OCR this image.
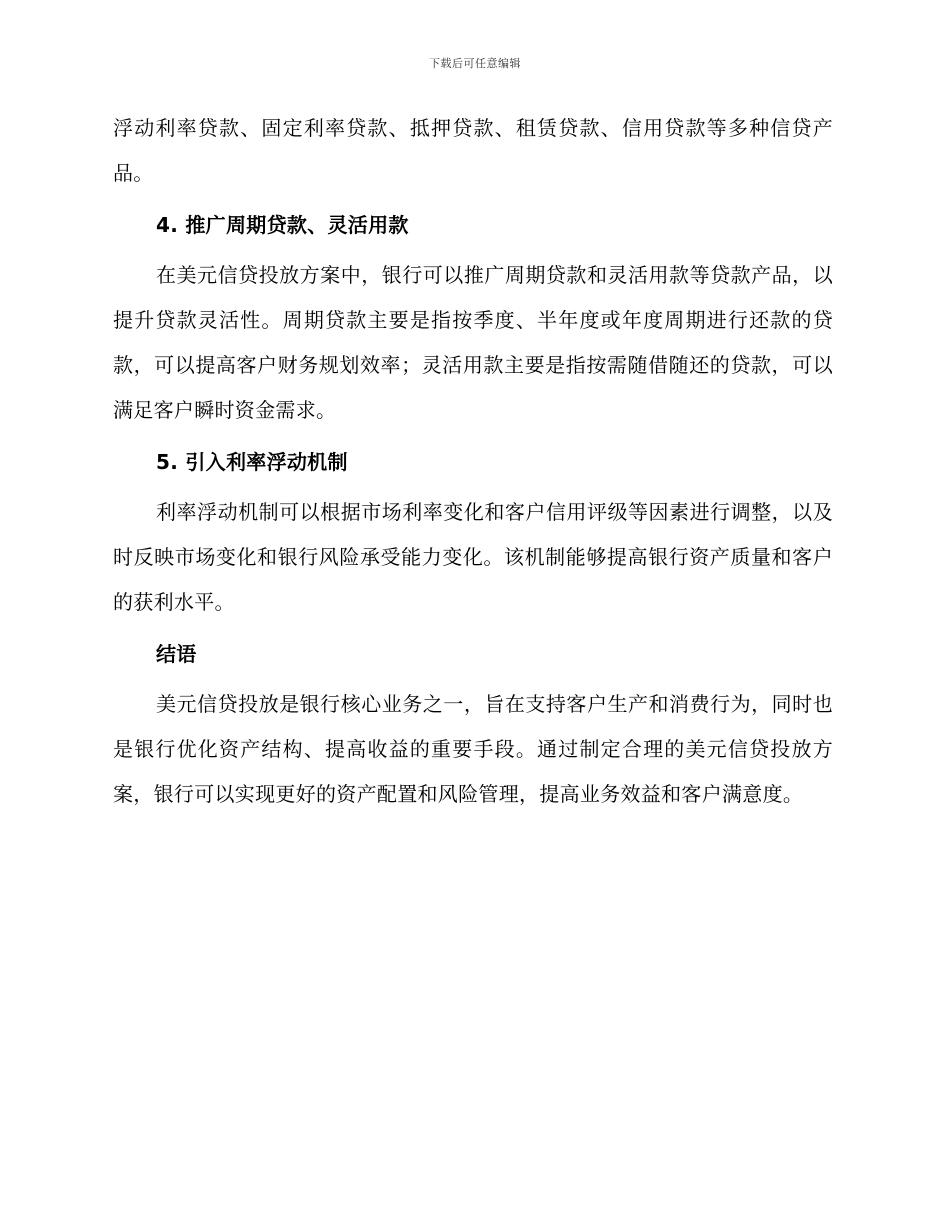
下载后可任意编辑

浮动利率贷款、固定利率贷款、抵押贷款、租赁贷款、信用贷款等多种信贷产品。

4. 推广周期贷款、灵活用款

在美元信贷投放方案中，银行可以推广周期贷款和灵活用款等贷款产品，以提升贷款灵活性。周期贷款主要是指按季度、半年度或年度周期进行还款的贷款，可以提高客户财务规划效率；灵活用款主要是指按需随借随还的贷款，可以满足客户瞬时资金需求。

5. 引入利率浮动机制

利率浮动机制可以根据市场利率变化和客户信用评级等因素进行调整，以及时反映市场变化和银行风险承受能力变化。该机制能够提高银行资产质量和客户的获利水平。

结语

美元信贷投放是银行核心业务之一，旨在支持客户生产和消费行为，同时也是银行优化资产结构、提高收益的重要手段。通过制定合理的美元信贷投放方案，银行可以实现更好的资产配置和风险管理，提高业务效益和客户满意度。
